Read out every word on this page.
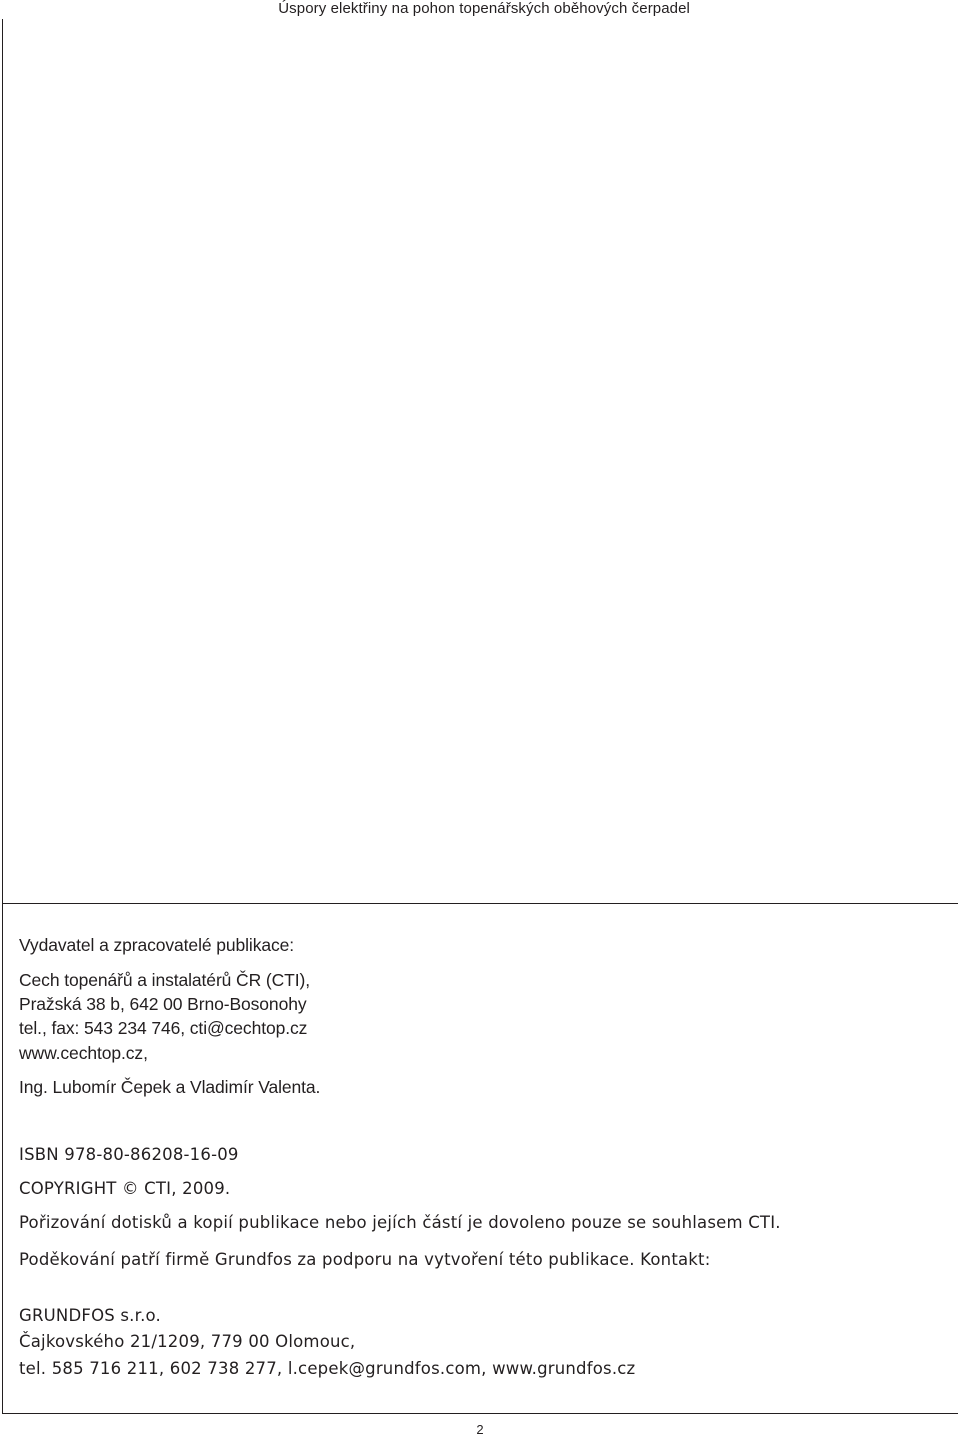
Úspory elektřiny na pohon topenářských oběhových čerpadel
Vydavatel a zpracovatelé publikace:
Cech topenářů a instalatérů ČR (CTI),
Pražská 38 b, 642 00 Brno-Bosonohy
tel., fax: 543 234 746, cti@cechtop.cz
www.cechtop.cz,
Ing. Lubomír Čepek a Vladimír Valenta.
ISBN 978-80-86208-16-09
COPYRIGHT © CTI, 2009.
Pořizování dotisků a kopií publikace nebo jejích částí je dovoleno pouze se souhlasem CTI.
Poděkování patří firmě Grundfos za podporu na vytvoření této publikace. Kontakt:
GRUNDFOS s.r.o.
Čajkovského 21/1209, 779 00 Olomouc,
tel. 585 716 211, 602 738 277, l.cepek@grundfos.com, www.grundfos.cz
2
